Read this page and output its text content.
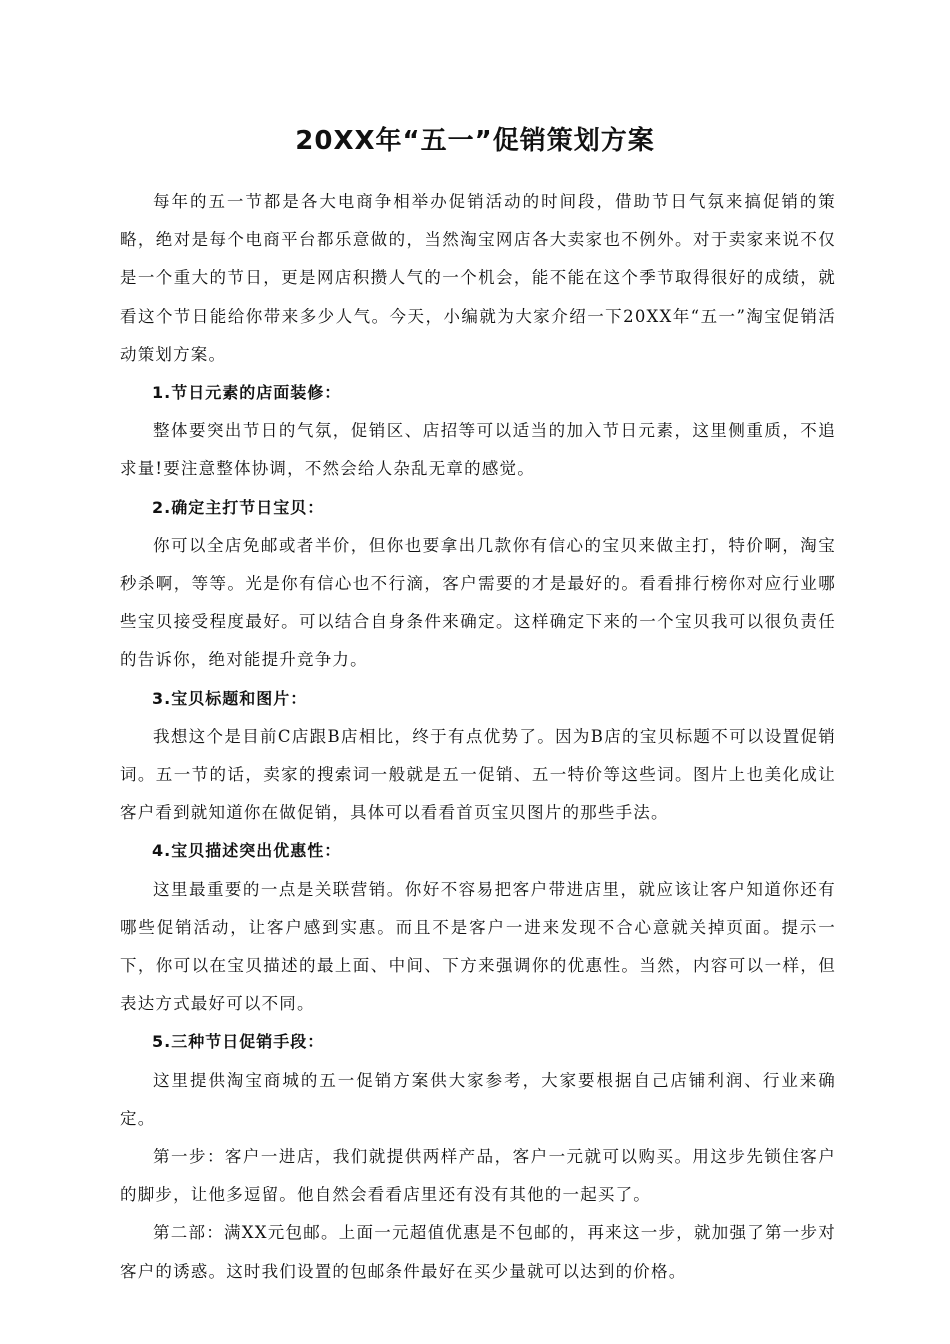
20XX年“五一”促销策划方案

每年的五一节都是各大电商争相举办促销活动的时间段，借助节日气氛来搞促销的策略，绝对是每个电商平台都乐意做的，当然淘宝网店各大卖家也不例外。对于卖家来说不仅是一个重大的节日，更是网店积攒人气的一个机会，能不能在这个季节取得很好的成绩，就看这个节日能给你带来多少人气。今天，小编就为大家介绍一下20XX年“五一”淘宝促销活动策划方案。

1.节日元素的店面装修：

整体要突出节日的气氛，促销区、店招等可以适当的加入节日元素，这里侧重质，不追求量!要注意整体协调，不然会给人杂乱无章的感觉。

2.确定主打节日宝贝：

你可以全店免邮或者半价，但你也要拿出几款你有信心的宝贝来做主打，特价啊，淘宝秒杀啊，等等。光是你有信心也不行滴，客户需要的才是最好的。看看排行榜你对应行业哪些宝贝接受程度最好。可以结合自身条件来确定。这样确定下来的一个宝贝我可以很负责任的告诉你，绝对能提升竞争力。

3.宝贝标题和图片：

我想这个是目前C店跟B店相比，终于有点优势了。因为B店的宝贝标题不可以设置促销词。五一节的话，卖家的搜索词一般就是五一促销、五一特价等这些词。图片上也美化成让客户看到就知道你在做促销，具体可以看看首页宝贝图片的那些手法。

4.宝贝描述突出优惠性：

这里最重要的一点是关联营销。你好不容易把客户带进店里，就应该让客户知道你还有哪些促销活动，让客户感到实惠。而且不是客户一进来发现不合心意就关掉页面。提示一下，你可以在宝贝描述的最上面、中间、下方来强调你的优惠性。当然，内容可以一样，但表达方式最好可以不同。

5.三种节日促销手段：

这里提供淘宝商城的五一促销方案供大家参考，大家要根据自己店铺利润、行业来确定。

第一步：客户一进店，我们就提供两样产品，客户一元就可以购买。用这步先锁住客户的脚步，让他多逗留。他自然会看看店里还有没有其他的一起买了。

第二部：满XX元包邮。上面一元超值优惠是不包邮的，再来这一步，就加强了第一步对客户的诱惑。这时我们设置的包邮条件最好在买少量就可以达到的价格。
